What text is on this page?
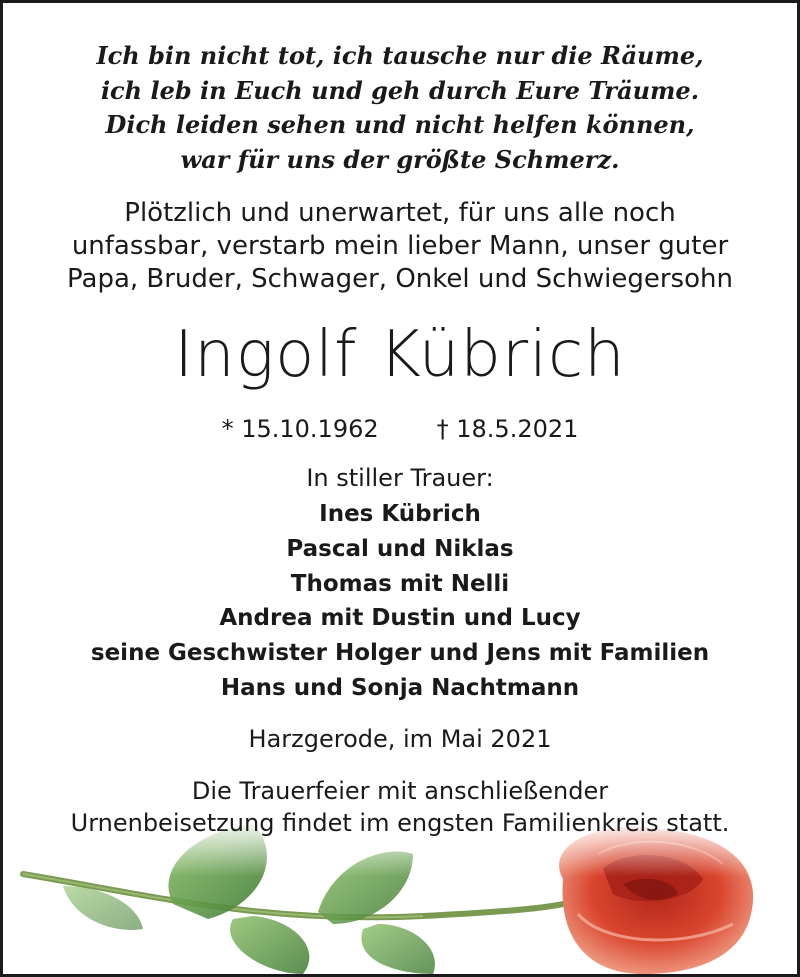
Ich bin nicht tot, ich tausche nur die Räume,
ich leb in Euch und geh durch Eure Träume.
Dich leiden sehen und nicht helfen können,
war für uns der größte Schmerz.
Plötzlich und unerwartet, für uns alle noch
unfassbar, verstarb mein lieber Mann, unser guter
Papa, Bruder, Schwager, Onkel und Schwiegersohn
Ingolf Kübrich
* 15.10.1962 † 18.5.2021
In stiller Trauer:
Ines Kübrich
Pascal und Niklas
Thomas mit Nelli
Andrea mit Dustin und Lucy
seine Geschwister Holger und Jens mit Familien
Hans und Sonja Nachtmann
Harzgerode, im Mai 2021
Die Trauerfeier mit anschließender
Urnenbeisetzung findet im engsten Familienkreis statt.
